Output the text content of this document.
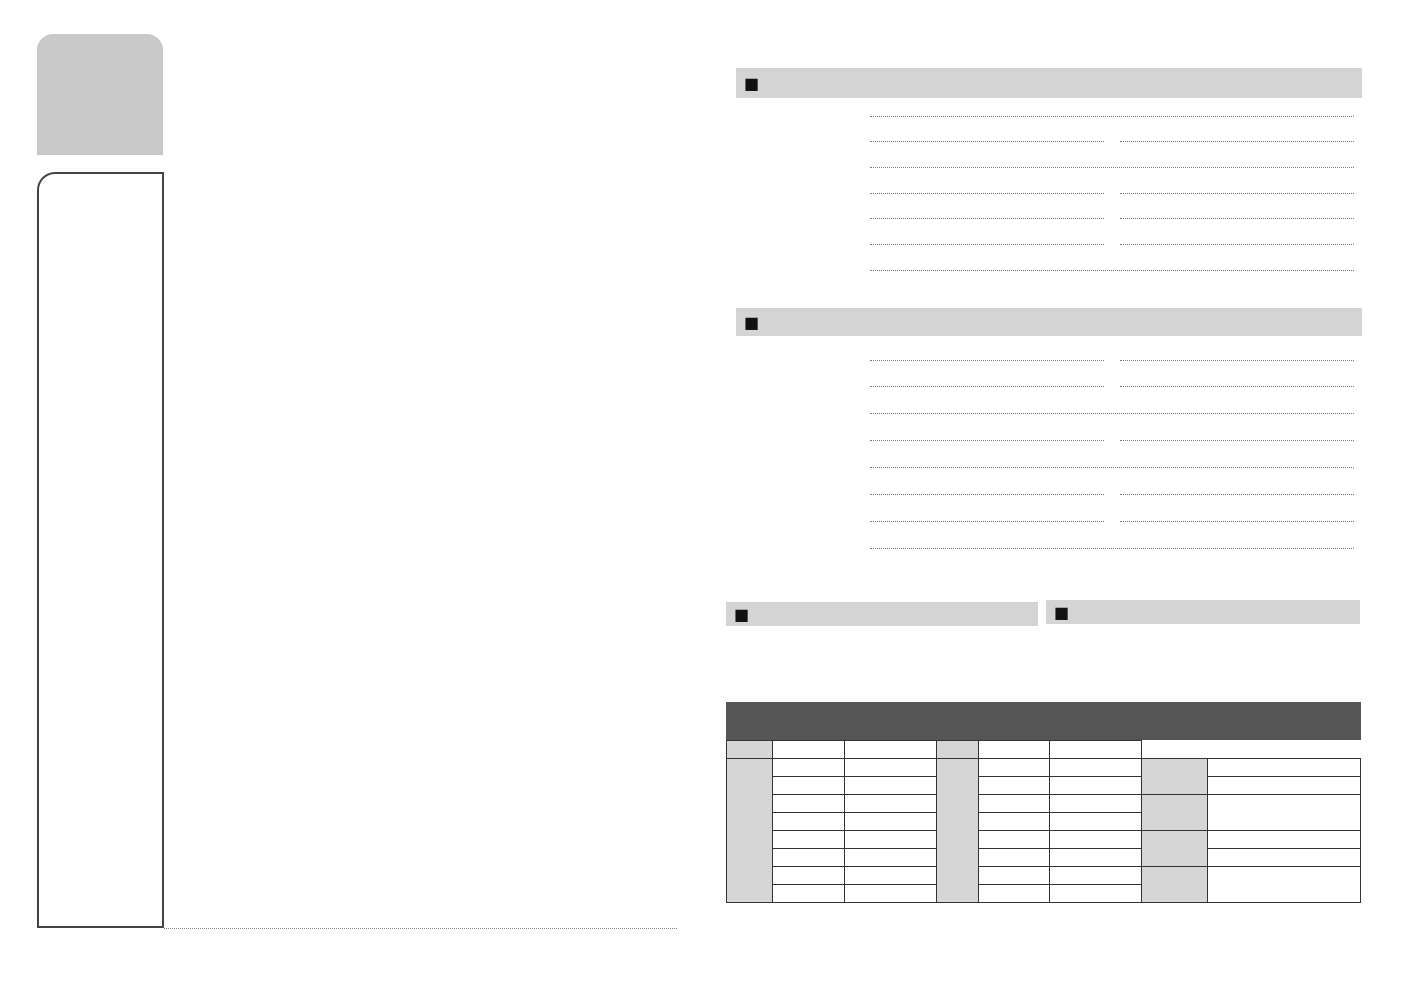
■
■
■	■
